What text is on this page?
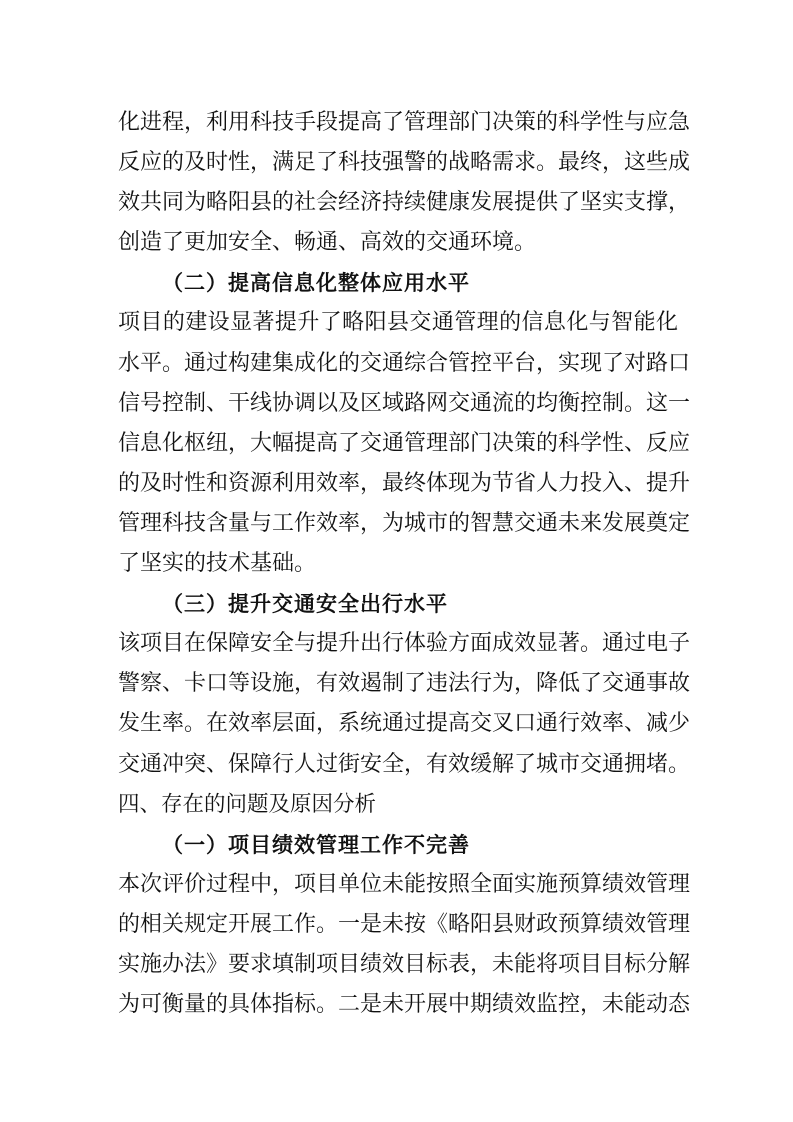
化进程，利用科技手段提高了管理部门决策的科学性与应急
反应的及时性，满足了科技强警的战略需求。最终，这些成
效共同为略阳县的社会经济持续健康发展提供了坚实支撑，
创造了更加安全、畅通、高效的交通环境。
（二）提高信息化整体应用水平
项目的建设显著提升了略阳县交通管理的信息化与智能化
水平。通过构建集成化的交通综合管控平台，实现了对路口
信号控制、干线协调以及区域路网交通流的均衡控制。这一
信息化枢纽，大幅提高了交通管理部门决策的科学性、反应
的及时性和资源利用效率，最终体现为节省人力投入、提升
管理科技含量与工作效率，为城市的智慧交通未来发展奠定
了坚实的技术基础。
（三）提升交通安全出行水平
该项目在保障安全与提升出行体验方面成效显著。通过电子
警察、卡口等设施，有效遏制了违法行为，降低了交通事故
发生率。在效率层面，系统通过提高交叉口通行效率、减少
交通冲突、保障行人过街安全，有效缓解了城市交通拥堵。
四、存在的问题及原因分析
（一）项目绩效管理工作不完善
本次评价过程中，项目单位未能按照全面实施预算绩效管理
的相关规定开展工作。一是未按《略阳县财政预算绩效管理
实施办法》要求填制项目绩效目标表，未能将项目目标分解
为可衡量的具体指标。二是未开展中期绩效监控，未能动态
